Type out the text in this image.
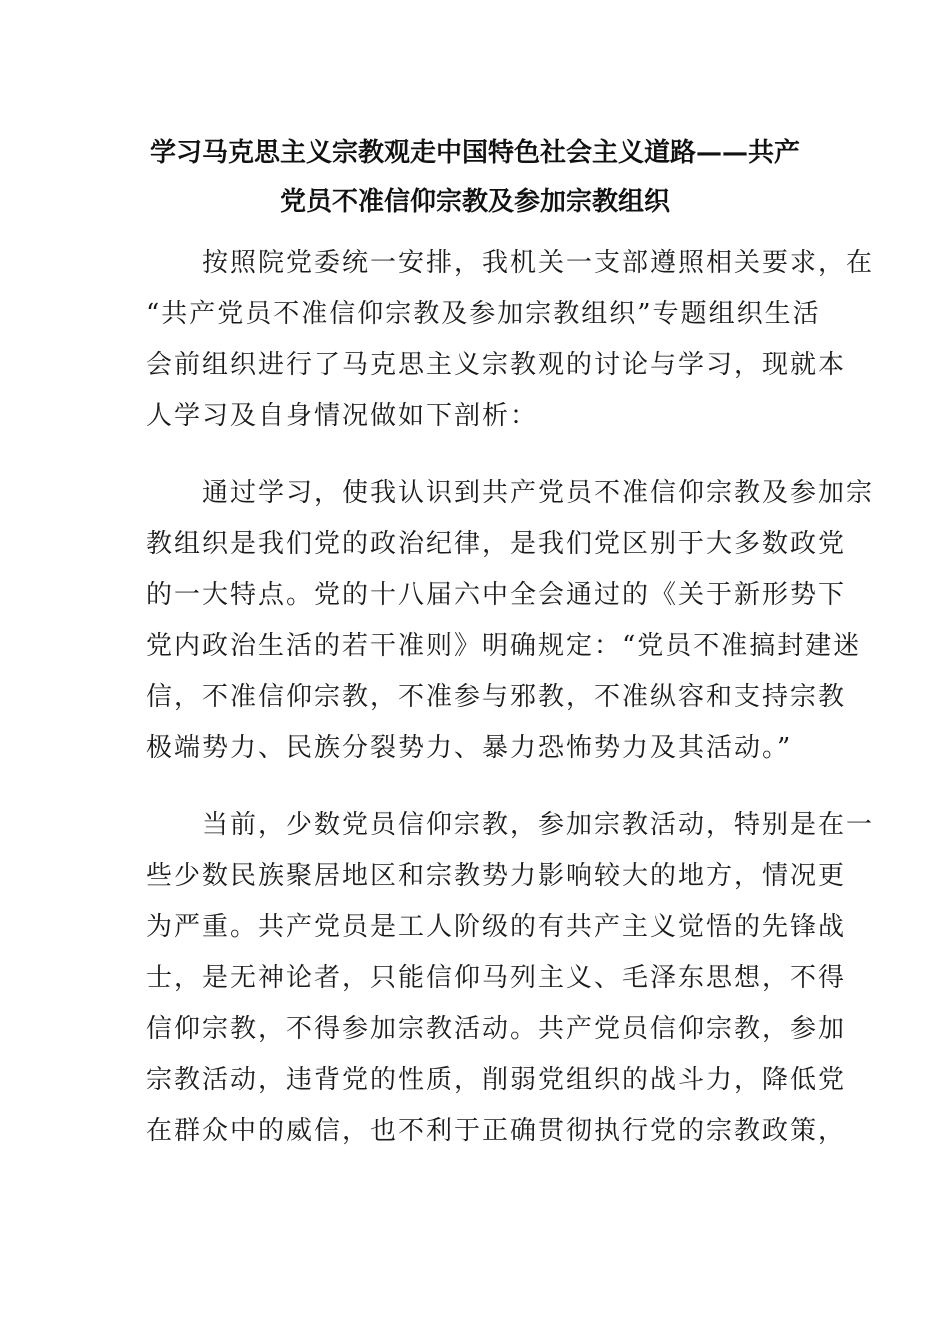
学习马克思主义宗教观走中国特色社会主义道路——共产
党员不准信仰宗教及参加宗教组织
　　按照院党委统一安排，我机关一支部遵照相关要求，在
“共产党员不准信仰宗教及参加宗教组织”专题组织生活
会前组织进行了马克思主义宗教观的讨论与学习，现就本
人学习及自身情况做如下剖析：
　　通过学习，使我认识到共产党员不准信仰宗教及参加宗
教组织是我们党的政治纪律，是我们党区别于大多数政党
的一大特点。党的十八届六中全会通过的《关于新形势下
党内政治生活的若干准则》明确规定：“党员不准搞封建迷
信，不准信仰宗教，不准参与邪教，不准纵容和支持宗教
极端势力、民族分裂势力、暴力恐怖势力及其活动。”
　　当前，少数党员信仰宗教，参加宗教活动，特别是在一
些少数民族聚居地区和宗教势力影响较大的地方，情况更
为严重。共产党员是工人阶级的有共产主义觉悟的先锋战
士，是无神论者，只能信仰马列主义、毛泽东思想，不得
信仰宗教，不得参加宗教活动。共产党员信仰宗教，参加
宗教活动，违背党的性质，削弱党组织的战斗力，降低党
在群众中的威信，也不利于正确贯彻执行党的宗教政策，
